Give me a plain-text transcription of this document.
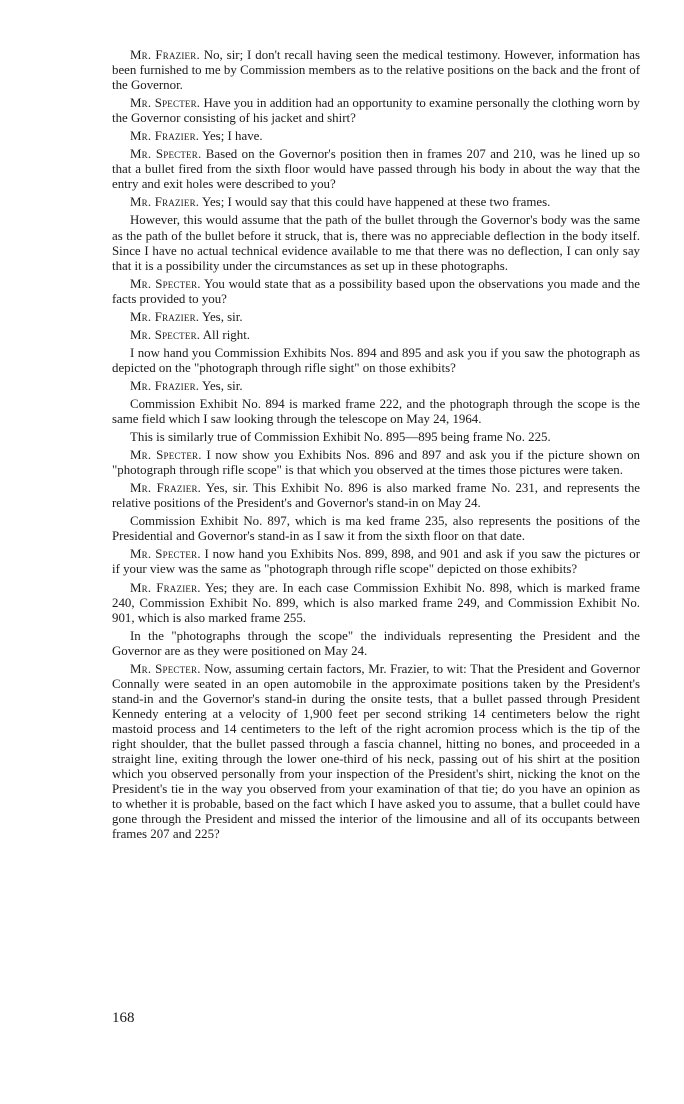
Mr. Frazier. No, sir; I don't recall having seen the medical testimony. However, information has been furnished to me by Commission members as to the relative positions on the back and the front of the Governor.

Mr. Specter. Have you in addition had an opportunity to examine personally the clothing worn by the Governor consisting of his jacket and shirt?

Mr. Frazier. Yes; I have.

Mr. Specter. Based on the Governor's position then in frames 207 and 210, was he lined up so that a bullet fired from the sixth floor would have passed through his body in about the way that the entry and exit holes were described to you?

Mr. Frazier. Yes; I would say that this could have happened at these two frames.

However, this would assume that the path of the bullet through the Governor's body was the same as the path of the bullet before it struck, that is, there was no appreciable deflection in the body itself. Since I have no actual technical evidence available to me that there was no deflection, I can only say that it is a possibility under the circumstances as set up in these photographs.

Mr. Specter. You would state that as a possibility based upon the observations you made and the facts provided to you?

Mr. Frazier. Yes, sir.

Mr. Specter. All right.

I now hand you Commission Exhibits Nos. 894 and 895 and ask you if you saw the photograph as depicted on the "photograph through rifle sight" on those exhibits?

Mr. Frazier. Yes, sir.

Commission Exhibit No. 894 is marked frame 222, and the photograph through the scope is the same field which I saw looking through the telescope on May 24, 1964.

This is similarly true of Commission Exhibit No. 895—895 being frame No. 225.

Mr. Specter. I now show you Exhibits Nos. 896 and 897 and ask you if the picture shown on "photograph through rifle scope" is that which you observed at the times those pictures were taken.

Mr. Frazier. Yes, sir. This Exhibit No. 896 is also marked frame No. 231, and represents the relative positions of the President's and Governor's stand-in on May 24.

Commission Exhibit No. 897, which is ma ked frame 235, also represents the positions of the Presidential and Governor's stand-in as I saw it from the sixth floor on that date.

Mr. Specter. I now hand you Exhibits Nos. 899, 898, and 901 and ask if you saw the pictures or if your view was the same as "photograph through rifle scope" depicted on those exhibits?

Mr. Frazier. Yes; they are. In each case Commission Exhibit No. 898, which is marked frame 240, Commission Exhibit No. 899, which is also marked frame 249, and Commission Exhibit No. 901, which is also marked frame 255.

In the "photographs through the scope" the individuals representing the President and the Governor are as they were positioned on May 24.

Mr. Specter. Now, assuming certain factors, Mr. Frazier, to wit: That the President and Governor Connally were seated in an open automobile in the approximate positions taken by the President's stand-in and the Governor's stand-in during the onsite tests, that a bullet passed through President Kennedy entering at a velocity of 1,900 feet per second striking 14 centimeters below the right mastoid process and 14 centimeters to the left of the right acromion process which is the tip of the right shoulder, that the bullet passed through a fascia channel, hitting no bones, and proceeded in a straight line, exiting through the lower one-third of his neck, passing out of his shirt at the position which you observed personally from your inspection of the President's shirt, nicking the knot on the President's tie in the way you observed from your examination of that tie; do you have an opinion as to whether it is probable, based on the fact which I have asked you to assume, that a bullet could have gone through the President and missed the interior of the limousine and all of its occupants between frames 207 and 225?

168
